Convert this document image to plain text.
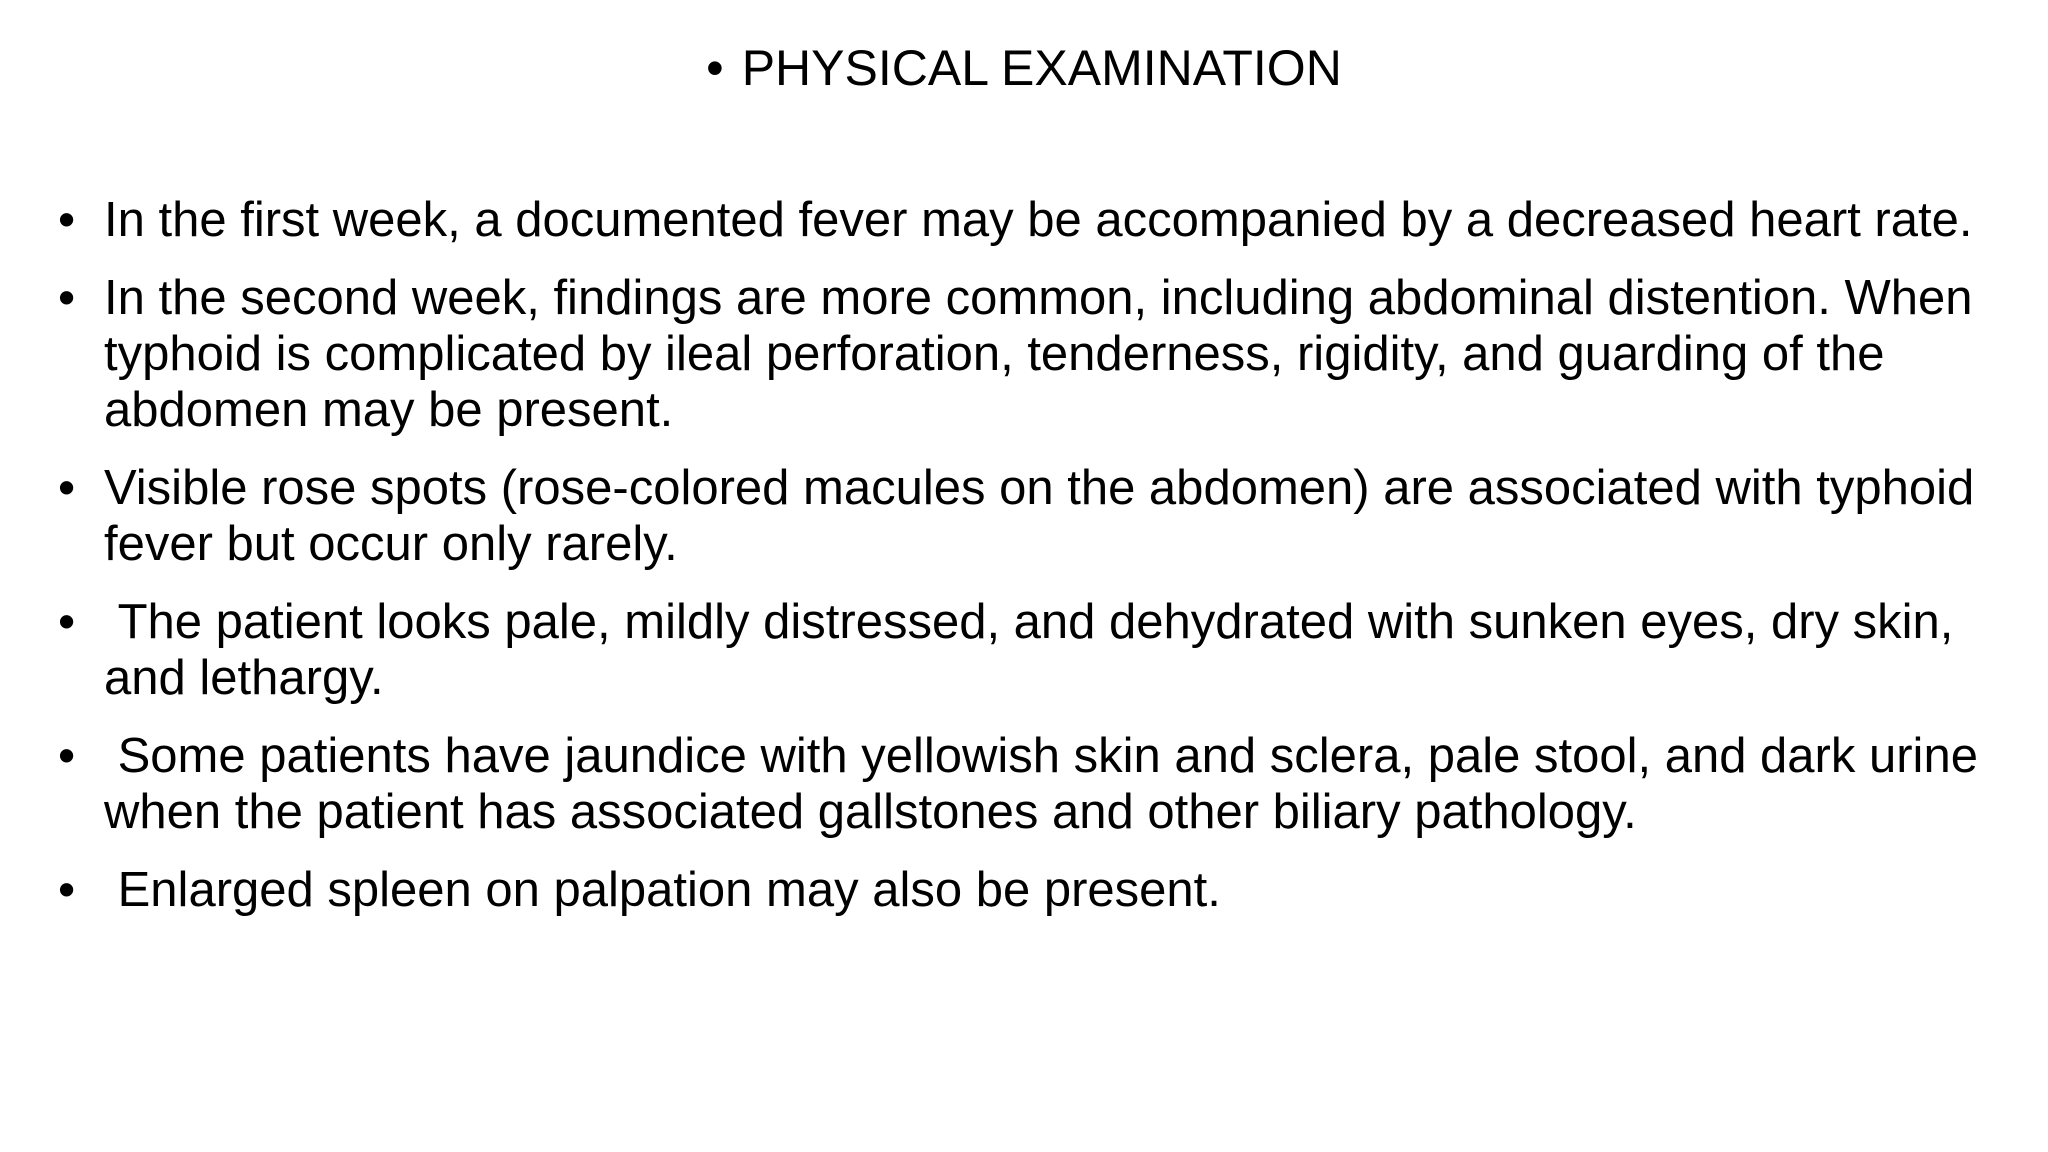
• PHYSICAL EXAMINATION
• In the first week, a documented fever may be accompanied by a decreased heart rate.
• In the second week, findings are more common, including abdominal distention. When typhoid is complicated by ileal perforation, tenderness, rigidity, and guarding of the abdomen may be present.
• Visible rose spots (rose-colored macules on the abdomen) are associated with typhoid fever but occur only rarely.
• The patient looks pale, mildly distressed, and dehydrated with sunken eyes, dry skin, and lethargy.
• Some patients have jaundice with yellowish skin and sclera, pale stool, and dark urine when the patient has associated gallstones and other biliary pathology.
• Enlarged spleen on palpation may also be present.
